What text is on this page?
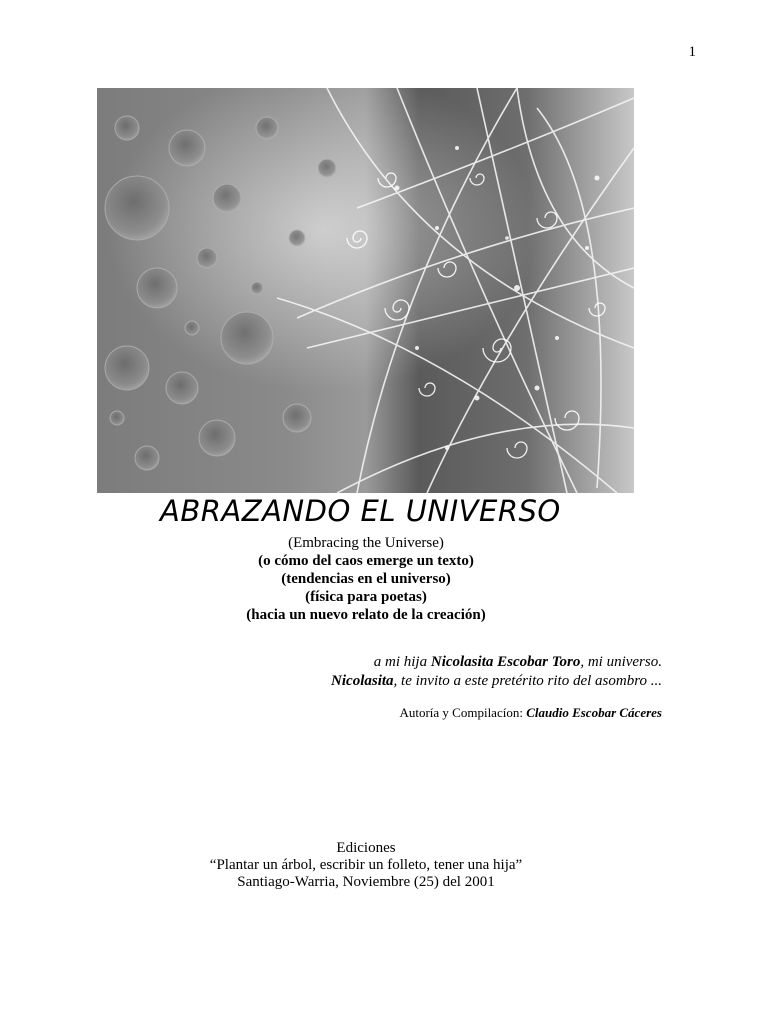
1
ABRAZANDO EL UNIVERSO
(Embracing the Universe)
(o cómo del caos emerge un texto)
(tendencias en el universo)
(física para poetas)
(hacia un nuevo relato de la creación)
a mi hija Nicolasita Escobar Toro, mi universo.
Nicolasita, te invito a este pretérito rito del asombro ...
Autoría y Compilacíon: Claudio Escobar Cáceres
Ediciones
“Plantar un árbol, escribir un folleto, tener una hija”
Santiago-Warria, Noviembre (25) del 2001
